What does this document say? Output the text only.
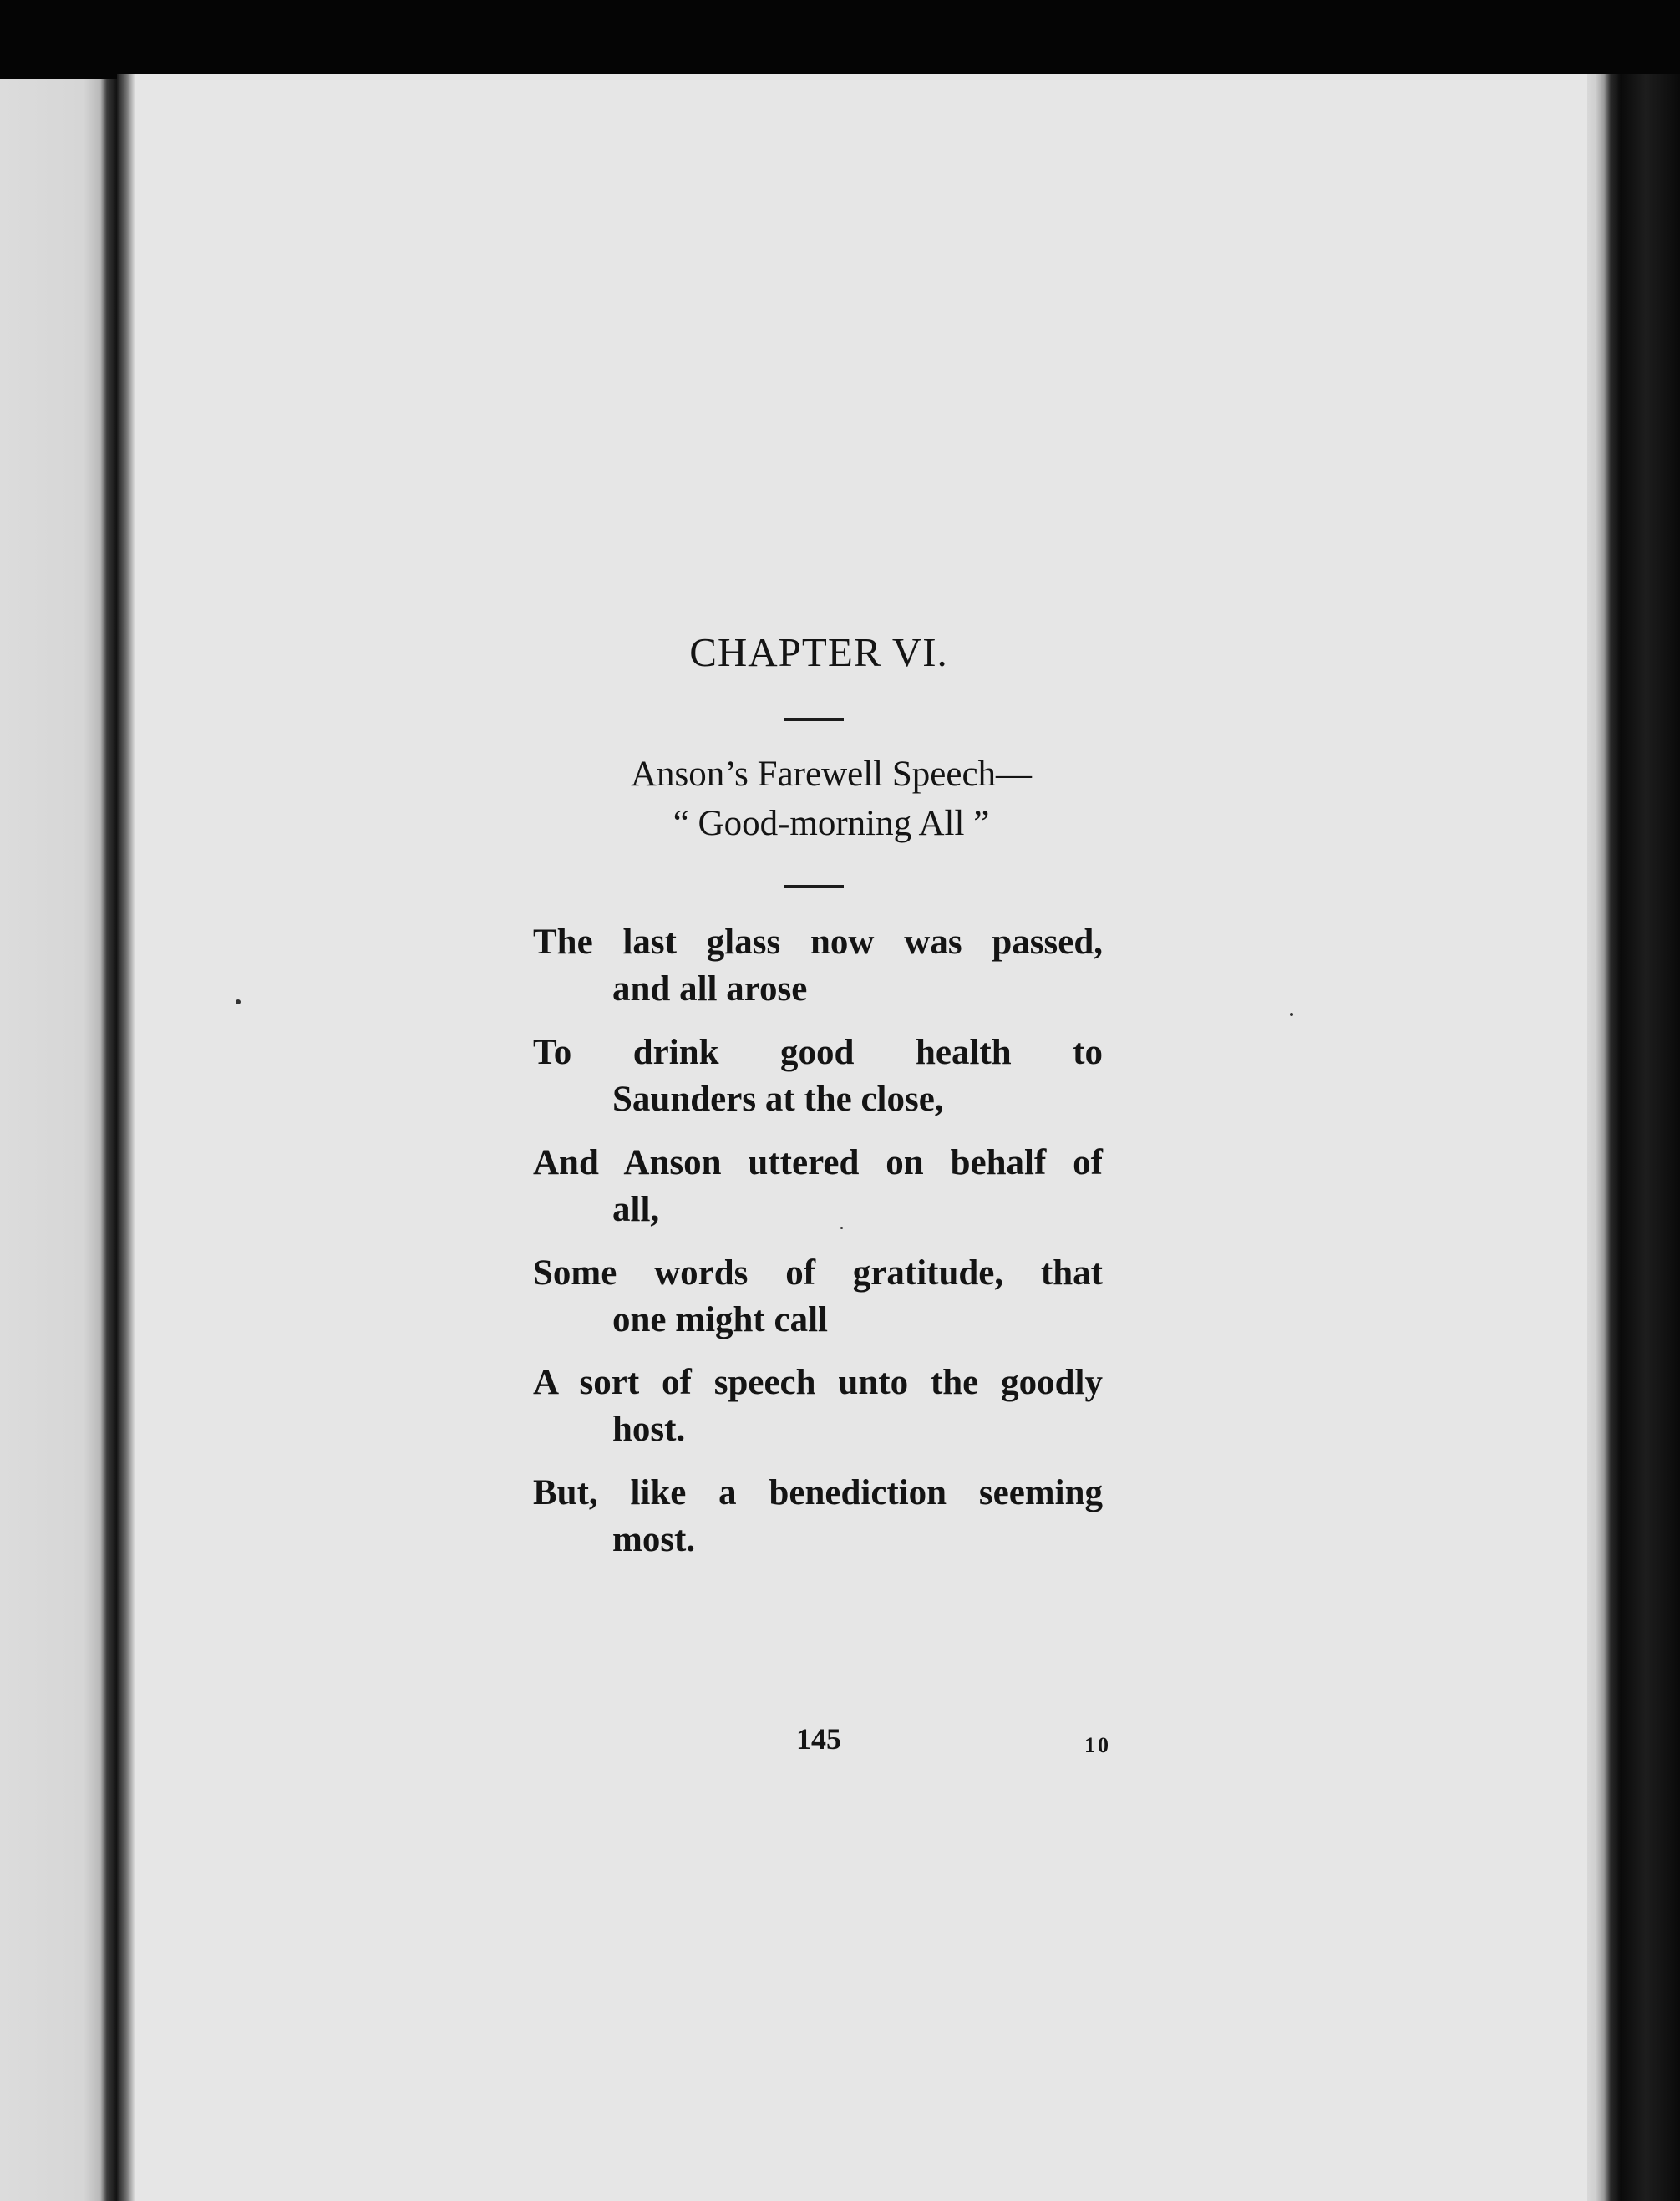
CHAPTER VI.
Anson’s Farewell Speech—
“ Good-morning All ”
The last glass now was passed,
and all arose
To drink good health to
Saunders at the close,
And Anson uttered on behalf of
all,
Some words of gratitude, that
one might call
A sort of speech unto the goodly
host.
But, like a benediction seeming
most.
145	10
